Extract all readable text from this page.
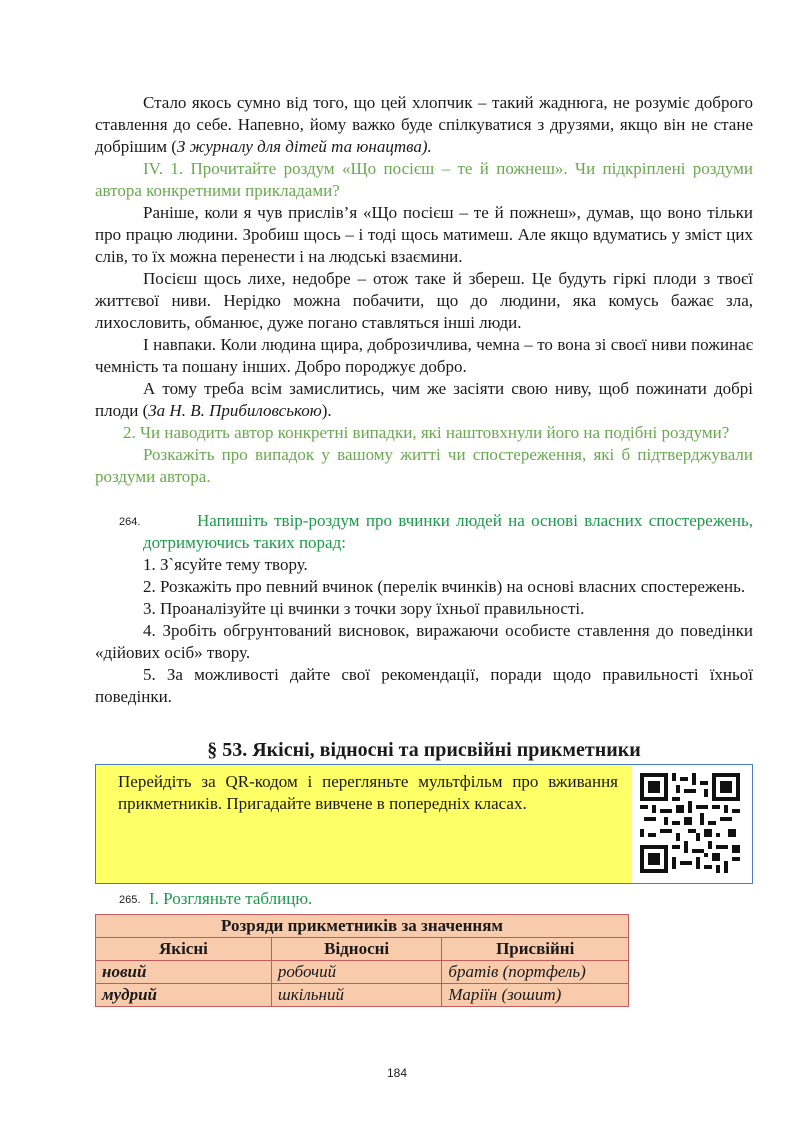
Стало якось сумно від того, що цей хлопчик – такий жаднюга, не розуміє доброго ставлення до себе. Напевно, йому важко буде спілкуватися з друзями, якщо він не стане добрішим (З журналу для дітей та юнацтва).

IV. 1. Прочитайте роздум «Що посієш – те й пожнеш». Чи підкріплені роздуми автора конкретними прикладами?

Раніше, коли я чув прислів’я «Що посієш – те й пожнеш», думав, що воно тільки про працю людини. Зробиш щось – і тоді щось матимеш. Але якщо вдуматись у зміст цих слів, то їх можна перенести і на людські взаємини.

Посієш щось лихе, недобре – отож таке й збереш. Це будуть гіркі плоди з твоєї життєвої ниви. Нерідко можна побачити, що до людини, яка комусь бажає зла, лихословить, обманює, дуже погано ставляться інші люди.

І навпаки. Коли людина щира, доброзичлива, чемна – то вона зі своєї ниви пожинає чемність та пошану інших. Добро породжує добро.

А тому треба всім замислитись, чим же засіяти свою ниву, щоб пожинати добрі плоди (За Н. В. Прибиловською).

2. Чи наводить автор конкретні випадки, які наштовхнули його на подібні роздуми?

Розкажіть про випадок у вашому житті чи спостереження, які б підтверджували роздуми автора.

264.	Напишіть твір-роздум про вчинки людей на основі власних спостережень, дотримуючись таких порад:

1. З`ясуйте тему твору.

2. Розкажіть про певний вчинок (перелік вчинків) на основі власних спостережень.

3. Проаналізуйте ці вчинки з точки зору їхньої правильності.

4. Зробіть обгрунтований висновок, виражаючи особисте ставлення до поведінки «дійових осіб» твору.

5. За можливості дайте свої рекомендації, поради щодо правильності їхньої поведінки.

§ 53. Якісні, відносні та присвійні прикметники
Перейдіть за QR-кодом і перегляньте мультфільм про вживання прикметників. Пригадайте вивчене в попередніх класах.
265. І. Розгляньте таблицю.
Розряди прикметників за значенням		
Якісні	Відносні	Присвійні
новий	робочий	братів (портфель)
мудрий	шкільний	Маріїн (зошит)
184
